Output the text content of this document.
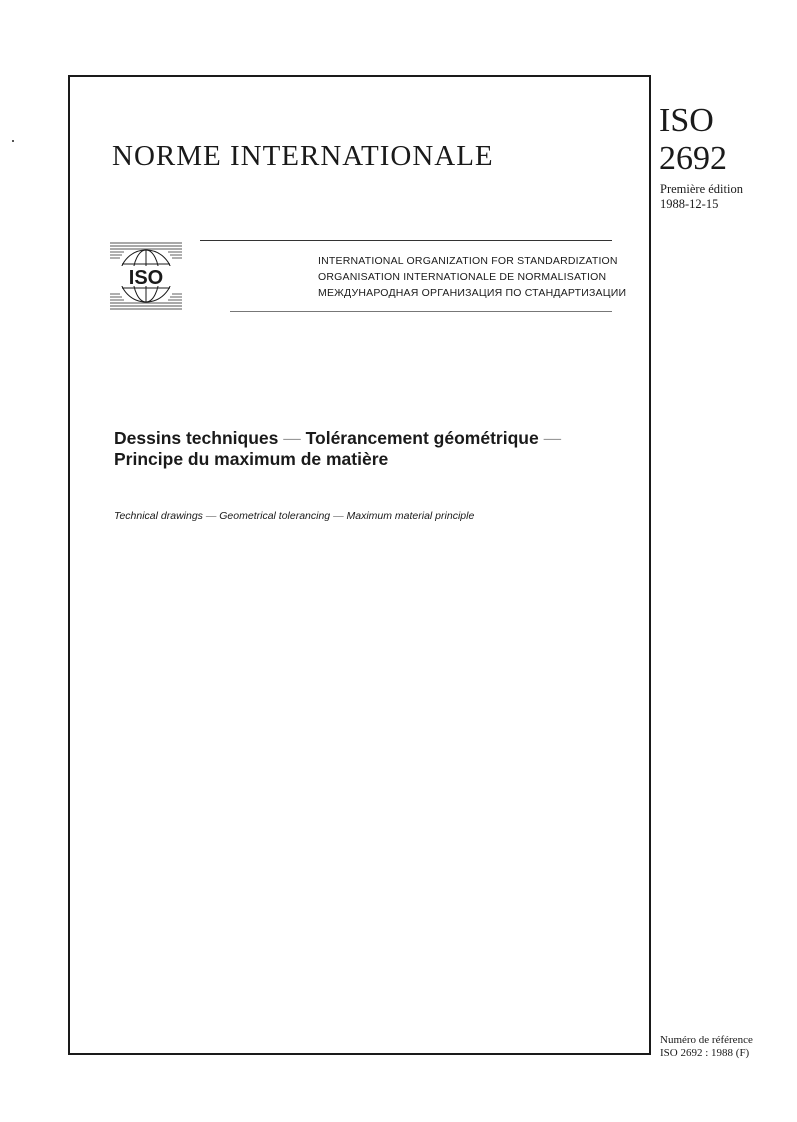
NORME INTERNATIONALE
ISO
2692
Première édition
1988-12-15
ISO
INTERNATIONAL ORGANIZATION FOR STANDARDIZATION
ORGANISATION INTERNATIONALE DE NORMALISATION
МЕЖДУНАРОДНАЯ ОРГАНИЗАЦИЯ ПО СТАНДАРТИЗАЦИИ
Dessins techniques — Tolérancement géométrique —
Principe du maximum de matière
Technical drawings — Geometrical tolerancing — Maximum material principle
Numéro de référence
ISO 2692 : 1988 (F)
